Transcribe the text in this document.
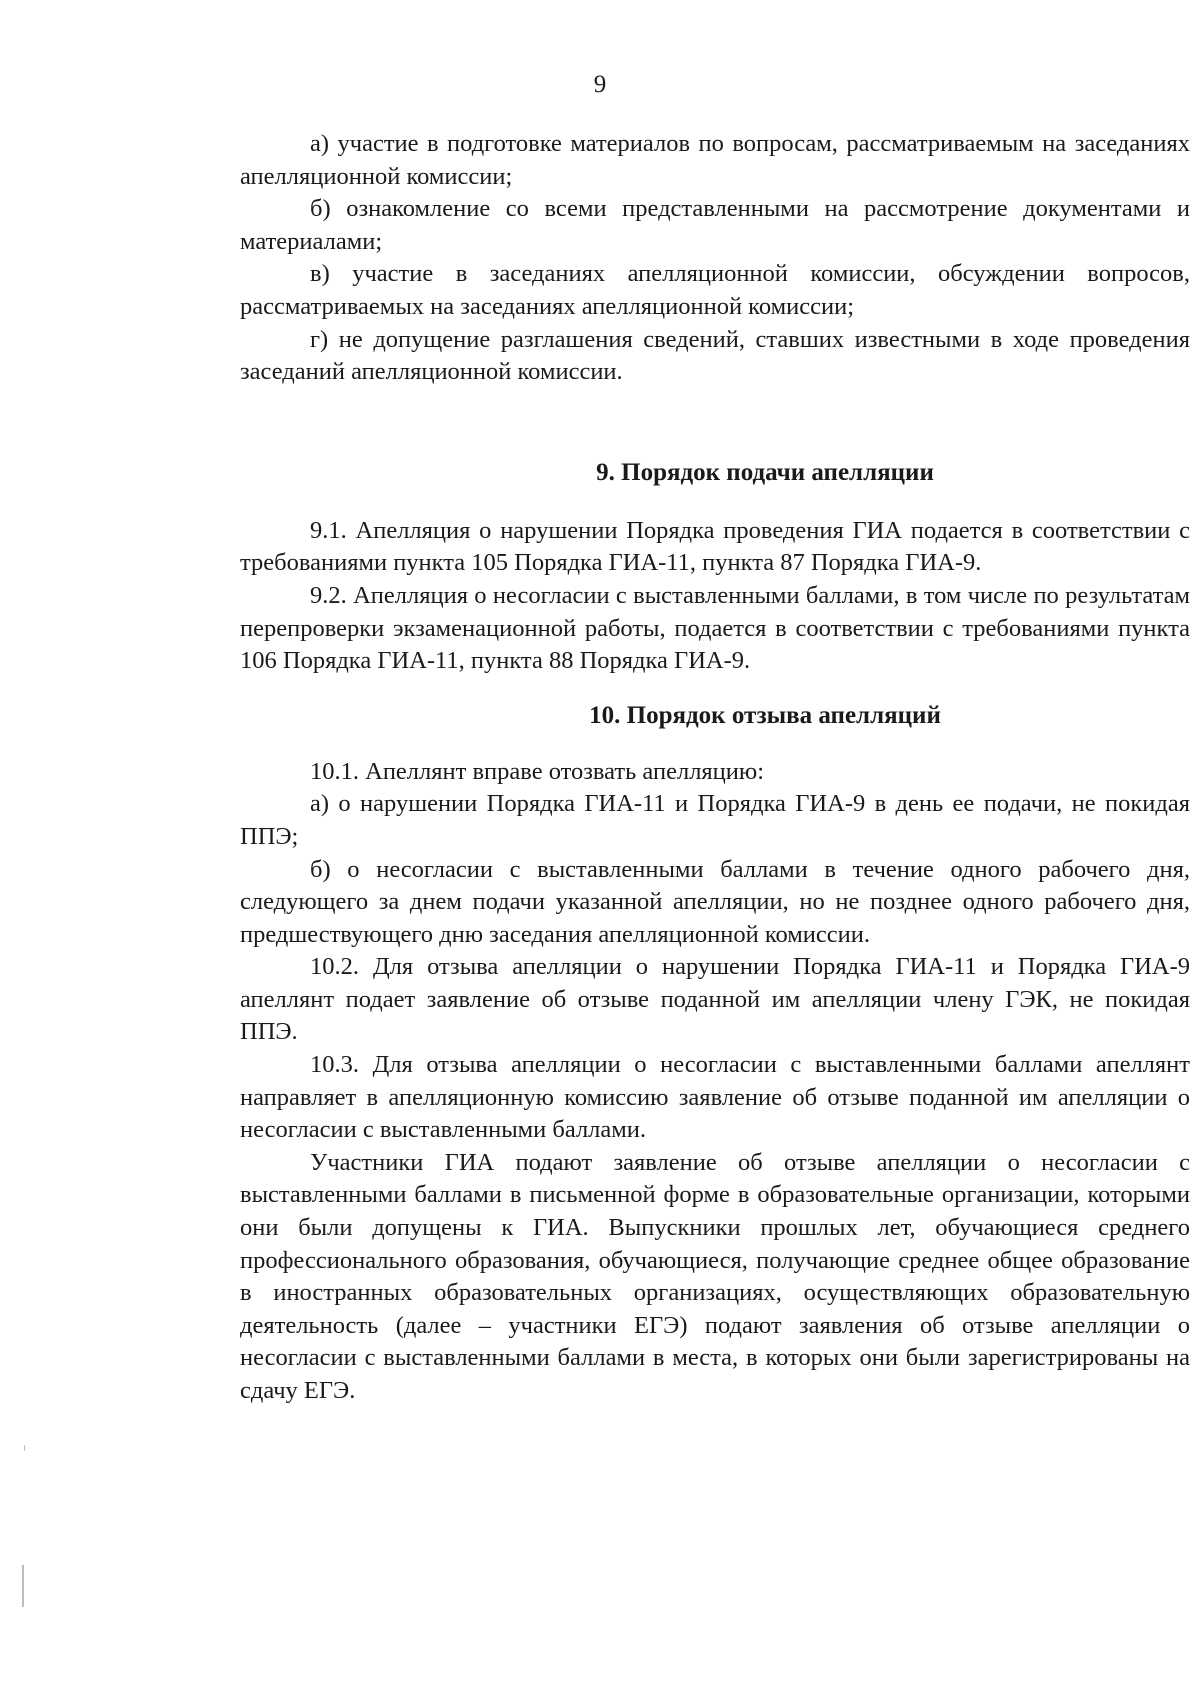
9

а) участие в подготовке материалов по вопросам, рассматриваемым на заседаниях апелляционной комиссии;

б) ознакомление со всеми представленными на рассмотрение документами и материалами;

в) участие в заседаниях апелляционной комиссии, обсуждении вопросов, рассматриваемых на заседаниях апелляционной комиссии;

г) не допущение разглашения сведений, ставших известными в ходе проведения заседаний апелляционной комиссии.

9. Порядок подачи апелляции

9.1. Апелляция о нарушении Порядка проведения ГИА подается в соответствии с требованиями пункта 105 Порядка ГИА-11, пункта 87 Порядка ГИА-9.

9.2. Апелляция о несогласии с выставленными баллами, в том числе по результатам перепроверки экзаменационной работы, подается в соответствии с требованиями пункта 106 Порядка ГИА-11, пункта 88 Порядка ГИА-9.

10. Порядок отзыва апелляций

10.1. Апеллянт вправе отозвать апелляцию:

а) о нарушении Порядка ГИА-11 и Порядка ГИА-9 в день ее подачи, не покидая ППЭ;

б) о несогласии с выставленными баллами в течение одного рабочего дня, следующего за днем подачи указанной апелляции, но не позднее одного рабочего дня, предшествующего дню заседания апелляционной комиссии.

10.2. Для отзыва апелляции о нарушении Порядка ГИА-11 и Порядка ГИА-9 апеллянт подает заявление об отзыве поданной им апелляции члену ГЭК, не покидая ППЭ.

10.3. Для отзыва апелляции о несогласии с выставленными баллами апеллянт направляет в апелляционную комиссию заявление об отзыве поданной им апелляции о несогласии с выставленными баллами.

Участники ГИА подают заявление об отзыве апелляции о несогласии с выставленными баллами в письменной форме в образовательные организации, которыми они были допущены к ГИА. Выпускники прошлых лет, обучающиеся среднего профессионального образования, обучающиеся, получающие среднее общее образование в иностранных образовательных организациях, осуществляющих образовательную деятельность (далее – участники ЕГЭ) подают заявления об отзыве апелляции о несогласии с выставленными баллами в места, в которых они были зарегистрированы на сдачу ЕГЭ.
